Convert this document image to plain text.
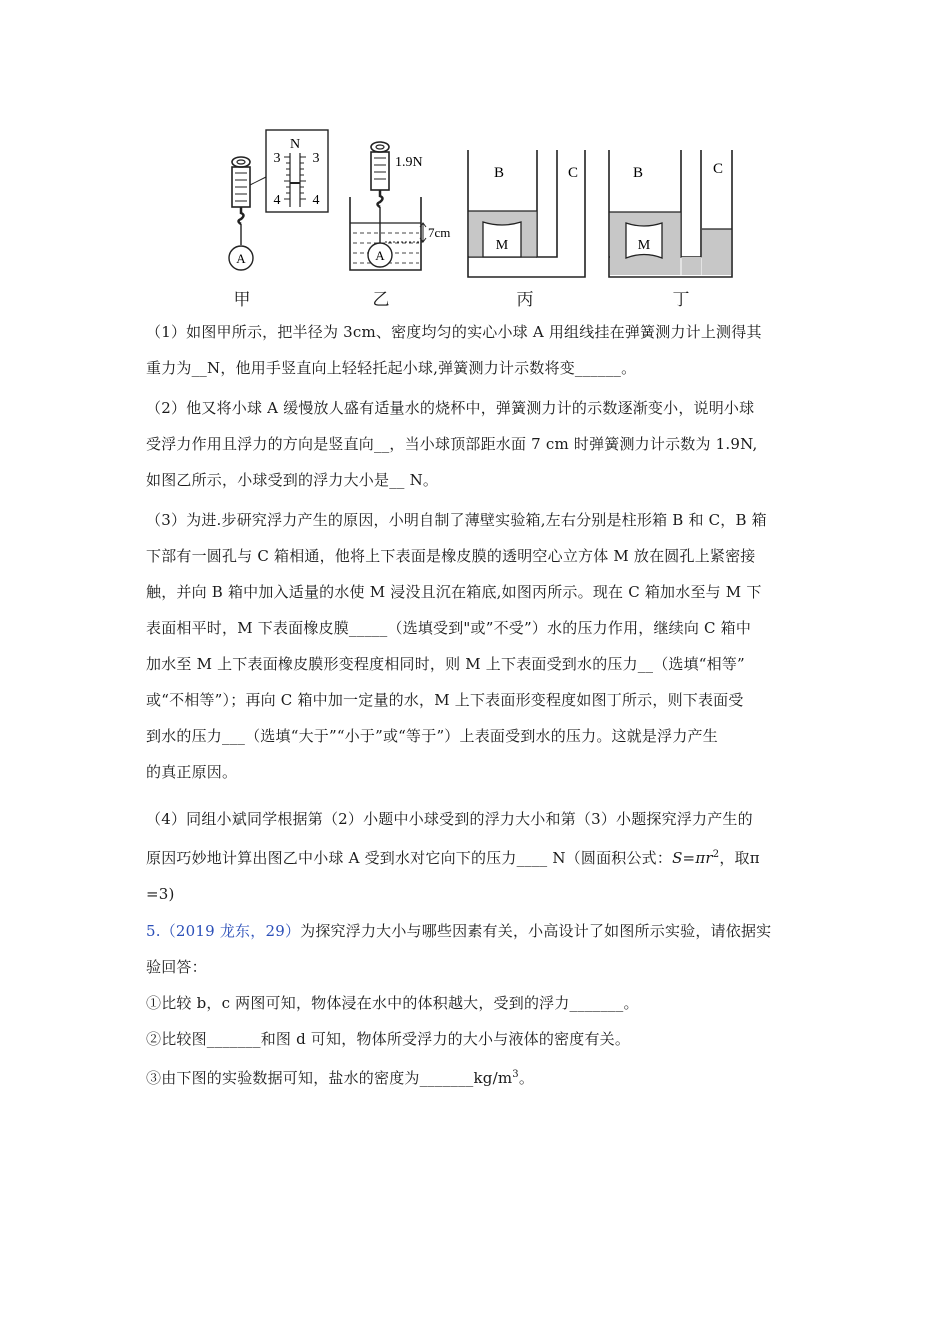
N
3 3
4 4
A
甲
1.9N
7cm
A
乙
B	C
M
丙
B	C
M
丁
（1）如图甲所示，把半径为 3cm、密度均匀的实心小球 A 用组线挂在弹簧测力计上测得其
重力为__N，他用手竖直向上轻轻托起小球,弹簧测力计示数将变______。
（2）他又将小球 A 缓慢放人盛有适量水的烧杯中，弹簧测力计的示数逐渐变小，说明小球
受浮力作用且浮力的方向是竖直向__，当小球顶部距水面 7 cm 时弹簧测力计示数为 1.9N,
如图乙所示，小球受到的浮力大小是__ N。
（3）为进.步研究浮力产生的原因，小明自制了薄壁实验箱,左右分别是柱形箱 B 和 C，B 箱
下部有一圆孔与 C 箱相通，他将上下表面是橡皮膜的透明空心立方体 M 放在圆孔上紧密接
触，并向 B 箱中加入适量的水使 M 浸没且沉在箱底,如图丙所示。现在 C 箱加水至与 M 下
表面相平时，M 下表面橡皮膜_____（选填受到"或”不受”）水的压力作用，继续向 C 箱中
加水至 M 上下表面橡皮膜形变程度相同时，则 M 上下表面受到水的压力__（选填“相等”
或“不相等”）；再向 C 箱中加一定量的水，M 上下表面形变程度如图丁所示，则下表面受
到水的压力___（选填“大于”“小于”或“等于”）上表面受到水的压力。这就是浮力产生
的真正原因。
（4）同组小斌同学根据第（2）小题中小球受到的浮力大小和第（3）小题探究浮力产生的
原因巧妙地计算出图乙中小球 A 受到水对它向下的压力____ N（圆面积公式：$S=\pi r^2$，取π
=3)
5.（2019 龙东，29）为探究浮力大小与哪些因素有关，小高设计了如图所示实验，请依据实
验回答：
①比较 b，c 两图可知，物体浸在水中的体积越大，受到的浮力_______。
②比较图_______和图 d 可知，物体所受浮力的大小与液体的密度有关。
③由下图的实验数据可知，盐水的密度为$\_\_\_\_\_\_\_kg/m^3$。
